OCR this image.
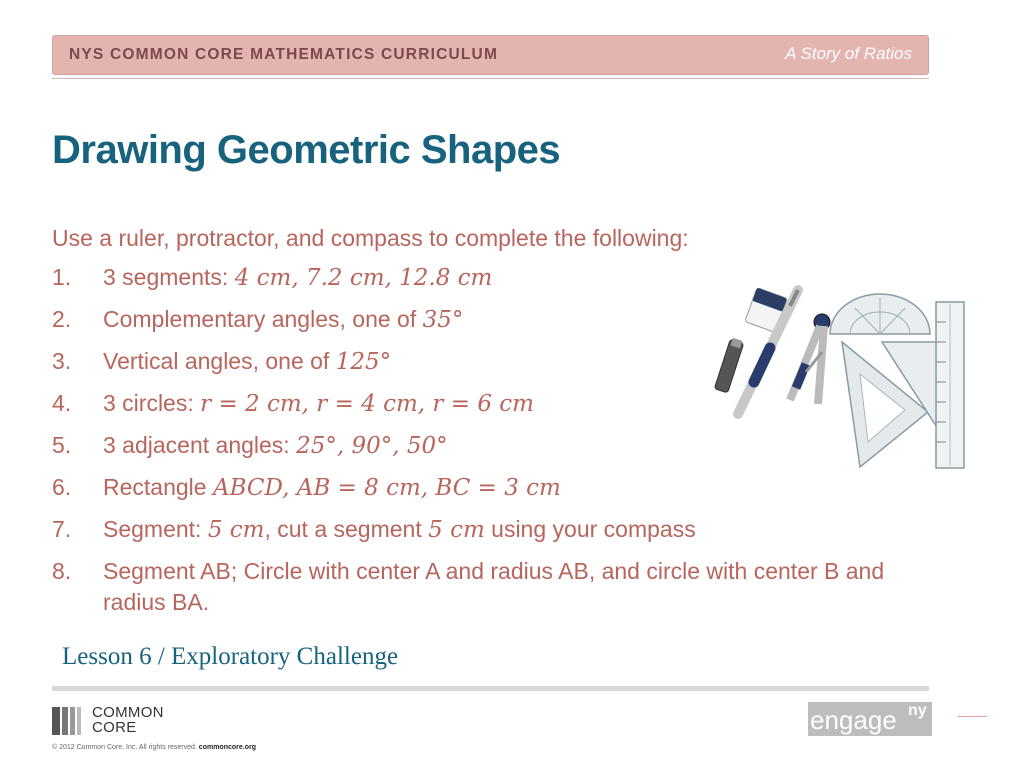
NYS COMMON CORE MATHEMATICS CURRICULUM	A Story of Ratios
Drawing Geometric Shapes
Use a ruler, protractor, and compass to complete the following:
1.	3 segments: 4 cm, 7.2 cm, 12.8 cm
2.	Complementary angles, one of 35°
3.	Vertical angles, one of 125°
4.	3 circles: r = 2 cm, r = 4 cm, r = 6 cm
5.	3 adjacent angles: 25°, 90°, 50°
6.	Rectangle ABCD, AB = 8 cm, BC = 3 cm
7.	Segment: 5 cm, cut a segment 5 cm using your compass
8.	Segment AB; Circle with center A and radius AB, and circle with center B and radius BA.
Lesson 6 / Exploratory Challenge
COMMON
CORE
© 2012 Common Core, Inc. All rights reserved. commoncore.org
engage ny
